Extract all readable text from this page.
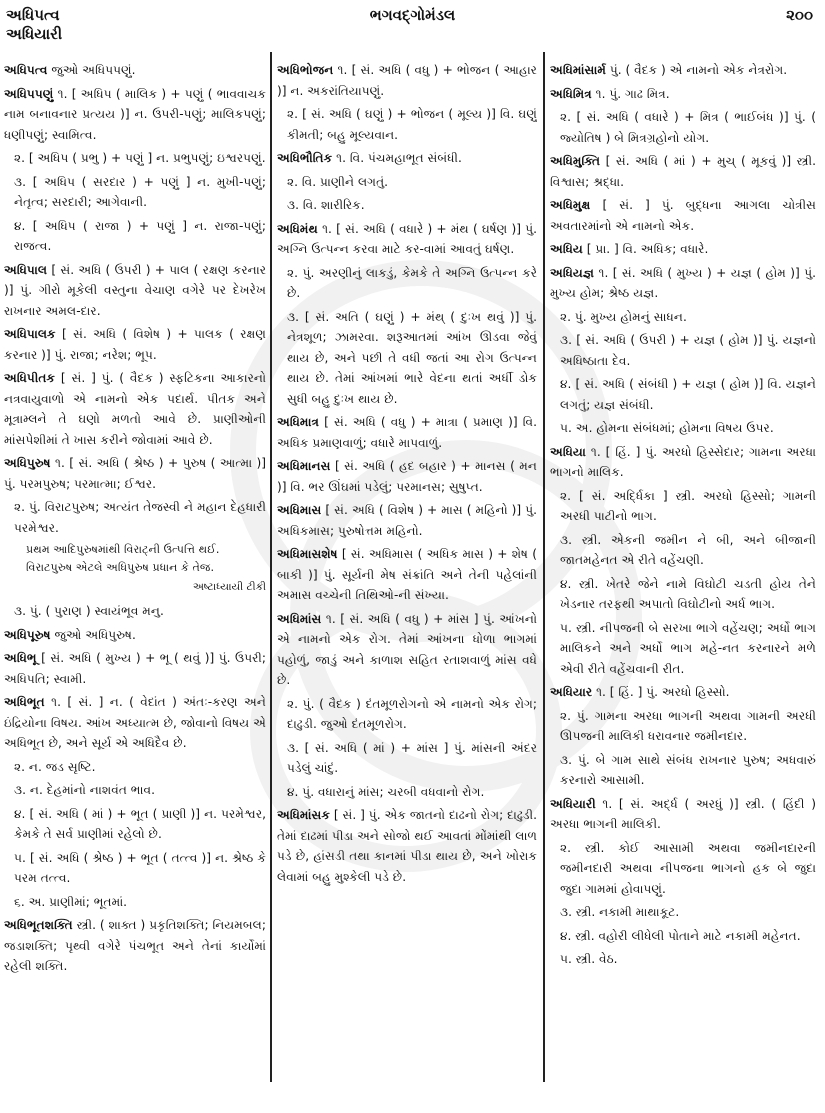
અધિપત્વ
અધિયારી
ભગવદ્ગોમંડલ	૨૦૦
અધિપત્વ જુઓ અધિપપણું.
અધિપપણું ૧. [ અધિપ ( માલિક ) + પણું ( ભાવવાચક નામ બનાવનાર પ્રત્યય )] ન. ઉપરી-પણું; માલિકપણું; ધણીપણું; સ્વામિત્વ.
૨. [ અધિપ ( પ્રભુ ) + પણું ] ન. પ્રભુપણું; ઇશ્વરપણું.
૩. [ અધિપ ( સરદાર ) + પણું ] ન. મુખી-પણું; નેતૃત્વ; સરદારી; આગેવાની.
૪. [ અધિપ ( રાજા ) + પણું ] ન. રાજા-પણું; રાજત્વ.
અધિપાલ [ સં. અધિ ( ઉપરી ) + પાલ ( રક્ષણ કરનાર )] પું. ગીરો મૂકેલી વસ્તુના વેચાણ વગેરે પર દેખરેખ રાખનાર અમલ-દાર.
અધિપાલક [ સં. અધિ ( વિશેષ ) + પાલક ( રક્ષણ કરનાર )] પું. રાજા; નરેશ; ભૂપ.
અધિપીતક [ સં. ] પું. ( વૈદક ) સ્ફટિકના આકારનો નત્રવાયુવાળો એ નામનો એક પદાર્થ. પીતક અને મૂત્રામ્લને તે ઘણો મળતો આવે છે. પ્રાણીઓની માંસપેશીમાં તે ખાસ કરીને જોવામાં આવે છે.
અધિપુરુષ ૧. [ સં. અધિ ( શ્રેષ્ઠ ) + પુરુષ ( આત્મા )] પું. પરમપુરુષ; પરમાત્મા; ઈશ્વર.
૨. પું. વિરાટપુરુષ; અત્યંત તેજસ્વી ને મહાન દેહધારી પરમેશ્વર.
પ્રથમ આદિપુરુષમાંથી વિરાટ્ની ઉત્પત્તિ થઈ. વિરાટપુરુષ એટલે અધિપુરુષ પ્રધાન કે તેજ.
અષ્ટાધ્યાયી ટીકી
૩. પું. ( પુરાણ ) સ્વાયંભૂવ મનુ.
અધિપૂરુષ જુઓ અધિપુરુષ.
અધિભૂ [ સં. અધિ ( મુખ્ય ) + ભૂ ( થવું )] પું. ઉપરી; અધિપતિ; સ્વામી.
અધિભૂત ૧. [ સં. ] ન. ( વેદાંત ) અંતઃ-કરણ અને ઇંદ્રિયોના વિષય. આંખ અધ્યાત્મ છે, જોવાનો વિષય એ અધિભૂત છે, અને સૂર્ય એ અધિદૈવ છે.
૨. ન. જડ સૃષ્ટિ.
૩. ન. દેહમાંનો નાશવંત ભાવ.
૪. [ સં. અધિ ( માં ) + ભૂત ( પ્રાણી )] ન. પરમેશ્વર, કેમકે તે સર્વ પ્રાણીમાં રહેલો છે.
૫. [ સં. અધિ ( શ્રેષ્ઠ ) + ભૂત ( તત્ત્વ )] ન. શ્રેષ્ઠ કે પરમ તત્ત્વ.
૬. અ. પ્રાણીમાં; ભૂતમાં.
અધિભૂતશક્તિ સ્ત્રી. ( શાક્ત ) પ્રકૃતિશક્તિ; નિયમબલ; જડાશક્તિ; પૃથ્વી વગેરે પંચભૂત અને તેનાં કાર્યોમાં રહેલી શક્તિ.
અધિભોજન ૧. [ સં. અધિ ( વધુ ) + ભોજન ( આહાર )] ન. અકરાંતિયાપણું.
૨. [ સં. અધિ ( ઘણું ) + ભોજન ( મૂલ્ય )] વિ. ઘણું કીમતી; બહુ મૂલ્યવાન.
અધિભૌતિક ૧. વિ. પંચમહાભૂત સંબંધી.
૨. વિ. પ્રાણીને લગતું.
૩. વિ. શારીરિક.
અધિમંથ ૧. [ સં. અધિ ( વધારે ) + મંથ ( ઘર્ષણ )] પું. અગ્નિ ઉત્પન્ન કરવા માટે કર-વામાં આવતું ઘર્ષણ.
૨. પું. અરણીનું લાકડું, કેમકે તે અગ્નિ ઉત્પન્ન કરે છે.
૩. [ સં. અતિ ( ઘણું ) + મંથ્ ( દુઃખ થવું )] પું. નેત્રશૂળ; ઝામરવા. શરૂઆતમાં આંખ ઊડવા જેવું થાય છે, અને પછી તે વધી જતાં આ રોગ ઉત્પન્ન થાય છે. તેમાં આંખમાં ભારે વેદના થતાં અર્ધી ડોક સુધી બહુ દુઃખ થાય છે.
અધિમાત્ર [ સં. અધિ ( વધુ ) + માત્રા ( પ્રમાણ )] વિ. અધિક પ્રમાણવાળું; વધારે માપવાળું.
અધિમાનસ [ સં. અધિ ( હદ બહાર ) + માનસ ( મન )] વિ. ભર ઊંઘમાં પડેલું; પરમાનસ; સુષુપ્ત.
અધિમાસ [ સં. અધિ ( વિશેષ ) + માસ ( મહિનો )] પું. અધિકમાસ; પુરુષોત્તમ મહિનો.
અધિમાસશેષ [ સં. અધિમાસ ( અધિક માસ ) + શેષ ( બાકી )] પું. સૂર્યની મેષ સંક્રાંતિ અને તેની પહેલાંની અમાસ વચ્ચેની તિથિઓ-ની સંખ્યા.
અધિમાંસ ૧. [ સં. અધિ ( વધુ ) + માંસ ] પું. આંખનો એ નામનો એક રોગ. તેમાં આંખના ધોળા ભાગમાં પહોળું, જાડું અને કાળાશ સહિત રતાશવાળું માંસ વધે છે.
૨. પું. ( વૈદક ) દંતમૂળરોગનો એ નામનો એક રોગ; દાઢુડી. જુઓ દંતમૂળરોગ.
૩. [ સં. અધિ ( માં ) + માંસ ] પું. માંસની અંદર પડેલું ચાંદું.
૪. પું. વધારાનું માંસ; ચરબી વધવાનો રોગ.
અધિમાંસક [ સં. ] પું. એક જાતનો દાઢનો રોગ; દાઢુડી. તેમાં દાઢમાં પીડા અને સોજો થઈ આવતાં મોંમાંથી લાળ પડે છે, હાંસડી તથા કાનમાં પીડા થાય છે, અને ખોરાક લેવામાં બહુ મુશ્કેલી પડે છે.
અધિમાંસાર્મ પું. ( વૈદક ) એ નામનો એક નેત્રરોગ.
અધિમિત્ર ૧. પું. ગાઢ મિત્ર.
૨. [ સં. અધિ ( વધારે ) + મિત્ર ( ભાઈબંધ )] પું. ( જ્યોતિષ ) બે મિત્રગ્રહોનો યોગ.
અધિમુક્તિ [ સં. અધિ ( માં ) + મુચ્ ( મૂકવું )] સ્ત્રી. વિશ્વાસ; શ્રદ્ધા.
અધિમુક્ષ [ સં. ] પું. બુદ્ધના આગલા ચોત્રીસ અવતારમાંનો એ નામનો એક.
અધિય [ પ્રા. ] વિ. અધિક; વધારે.
અધિયજ્ઞ ૧. [ સં. અધિ ( મુખ્ય ) + યજ્ઞ ( હોમ )] પું. મુખ્ય હોમ; શ્રેષ્ઠ યજ્ઞ.
૨. પું. મુખ્ય હોમનું સાધન.
૩. [ સં. અધિ ( ઉપરી ) + યજ્ઞ ( હોમ )] પું. યજ્ઞનો અધિષ્ઠાતા દેવ.
૪. [ સં. અધિ ( સંબંધી ) + યજ્ઞ ( હોમ )] વિ. યજ્ઞને લગતું; યજ્ઞ સંબંધી.
૫. અ. હોમના સંબંધમાં; હોમના વિષય ઉપર.
અધિયા ૧. [ હિં. ] પું. અરધો હિસ્સેદાર; ગામના અરધા ભાગનો માલિક.
૨. [ સં. અર્દ્ધિકા ] સ્ત્રી. અરધો હિસ્સો; ગામની અરધી પાટીનો ભાગ.
૩. સ્ત્રી. એકની જમીન ને બી, અને બીજાની જાતમહેનત એ રીતે વહેંચણી.
૪. સ્ત્રી. ખેતરે જેને નામે વિઘોટી ચડતી હોય તેને ખેડનાર તરફથી અપાતો વિઘોટીનો અર્ધ ભાગ.
૫. સ્ત્રી. નીપજની બે સરખા ભાગે વહેંચણ; અર્ધો ભાગ માલિકને અને અર્ધો ભાગ મહે-નત કરનારને મળે એવી રીતે વહેંચવાની રીત.
અધિયાર ૧. [ હિં. ] પું. અરધો હિસ્સો.
૨. પું. ગામના અરધા ભાગની અથવા ગામની અરધી ઊપજની માલિકી ધરાવનાર જમીનદાર.
૩. પું. બે ગામ સાથે સંબંધ રાખનાર પુરુષ; અધવારું કરનારો આસામી.
અધિયારી ૧. [ સં. અર્દ્ધ ( અરધું )] સ્ત્રી. ( હિંદી ) અરધા ભાગની માલિકી.
૨. સ્ત્રી. કોઈ આસામી અથવા જમીનદારની જમીનદારી અથવા નીપજના ભાગનો હક બે જુદા જુદા ગામમાં હોવાપણું.
૩. સ્ત્રી. નકામી માથાકૂટ.
૪. સ્ત્રી. વહોરી લીધેલી પોતાને માટે નકામી મહેનત.
૫. સ્ત્રી. વેઠ.
